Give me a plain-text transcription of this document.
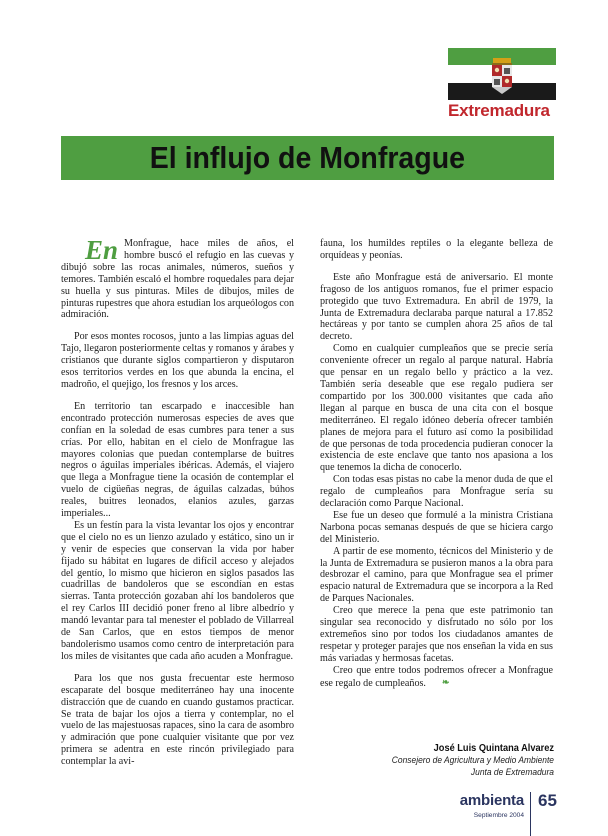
Extremadura
El influjo de Monfrague

En Monfrague, hace miles de años, el hombre buscó el refugio en las cuevas y dibujó sobre las rocas animales, números, sueños y temores. También escaló el hombre roquedales para dejar su huella y sus pinturas. Miles de dibujos, miles de pinturas rupestres que ahora estudian los arqueólogos con admiración.

Por esos montes rocosos, junto a las limpias aguas del Tajo, llegaron posteriormente celtas y romanos y árabes y cristianos que durante siglos compartieron y disputaron esos territorios verdes en los que abunda la encina, el madroño, el quejigo, los fresnos y los arces.

En territorio tan escarpado e inaccesible han encontrado protección numerosas especies de aves que confían en la soledad de esas cumbres para tener a sus crías. Por ello, habitan en el cielo de Monfrague las mayores colonias que puedan contemplarse de buitres negros o águilas imperiales ibéricas. Además, el viajero que llega a Monfrague tiene la ocasión de contemplar el vuelo de cigüeñas negras, de águilas calzadas, búhos reales, buitres leonados, elanios azules, garzas imperiales...

Es un festín para la vista levantar los ojos y encontrar que el cielo no es un lienzo azulado y estático, sino un ir y venir de especies que conservan la vida por haber fijado su hábitat en lugares de difícil acceso y alejados del gentío, lo mismo que hicieron en siglos pasados las cuadrillas de bandoleros que se escondían en estas sierras. Tanta protección gozaban ahí los bandoleros que el rey Carlos III decidió poner freno al libre albedrío y mandó levantar para tal menester el poblado de Villarreal de San Carlos, que en estos tiempos de menor bandolerismo usamos como centro de interpretación para los miles de visitantes que cada año acuden a Monfrague.

Para los que nos gusta frecuentar este hermoso escaparate del bosque mediterráneo hay una inocente distracción que de cuando en cuando gustamos practicar. Se trata de bajar los ojos a tierra y contemplar, no el vuelo de las majestuosas rapaces, sino la cara de asombro y admiración que pone cualquier visitante que por vez primera se adentra en este rincón privilegiado para contemplar la avi-

fauna, los humildes reptiles o la elegante belleza de orquídeas y peonías.

Este año Monfrague está de aniversario. El monte fragoso de los antiguos romanos, fue el primer espacio protegido que tuvo Extremadura. En abril de 1979, la Junta de Extremadura declaraba parque natural a 17.852 hectáreas y por tanto se cumplen ahora 25 años de tal decreto.

Como en cualquier cumpleaños que se precie sería conveniente ofrecer un regalo al parque natural. Habría que pensar en un regalo bello y práctico a la vez. También sería deseable que ese regalo pudiera ser compartido por los 300.000 visitantes que cada año llegan al parque en busca de una cita con el bosque mediterráneo. El regalo idóneo debería ofrecer también planes de mejora para el futuro así como la posibilidad de que personas de toda procedencia pudieran conocer la existencia de este enclave que tanto nos apasiona a los que tenemos la dicha de conocerlo.

Con todas esas pistas no cabe la menor duda de que el regalo de cumpleaños para Monfrague sería su declaración como Parque Nacional.

Ese fue un deseo que formulé a la ministra Cristiana Narbona pocas semanas después de que se hiciera cargo del Ministerio.

A partir de ese momento, técnicos del Ministerio y de la Junta de Extremadura se pusieron manos a la obra para desbrozar el camino, para que Monfrague sea el primer espacio natural de Extremadura que se incorpora a la Red de Parques Nacionales.

Creo que merece la pena que este patrimonio tan singular sea reconocido y disfrutado no sólo por los extremeños sino por todos los ciudadanos amantes de respetar y proteger parajes que nos enseñan la vida en sus más variadas y hermosas facetas.

Creo que entre todos podremos ofrecer a Monfrague ese regalo de cumpleaños. ❧

José Luis Quintana Alvarez
Consejero de Agricultura y Medio Ambiente
Junta de Extremadura
ambienta
Septiembre 2004
65
